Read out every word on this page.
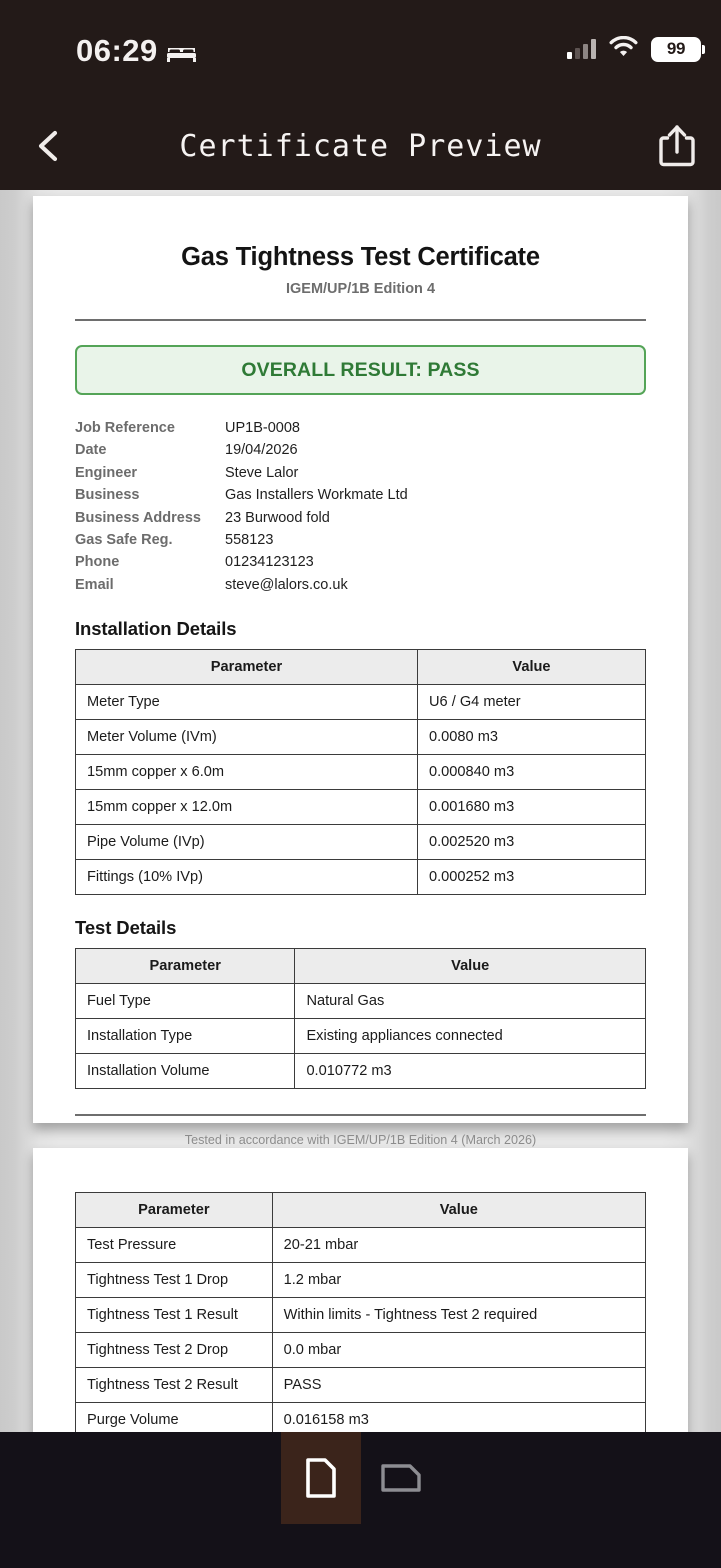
Gas Tightness Test Certificate
IGEM/UP/1B Edition 4
OVERALL RESULT: PASS
Job Reference	UP1B-0008
Date	19/04/2026
Engineer	Steve Lalor
Business	Gas Installers Workmate Ltd
Business Address	23 Burwood fold
Gas Safe Reg.	558123
Phone	01234123123
Email	steve@lalors.co.uk
Installation Details
Parameter	Value
Meter Type	U6 / G4 meter
Meter Volume (IVm)	0.0080 m3
15mm copper x 6.0m	0.000840 m3
15mm copper x 12.0m	0.001680 m3
Pipe Volume (IVp)	0.002520 m3
Fittings (10% IVp)	0.000252 m3
Test Details
Parameter	Value
Fuel Type	Natural Gas
Installation Type	Existing appliances connected
Installation Volume	0.010772 m3
Tested in accordance with IGEM/UP/1B Edition 4 (March 2026)
Parameter	Value
Test Pressure	20-21 mbar
Tightness Test 1 Drop	1.2 mbar
Tightness Test 1 Result	Within limits - Tightness Test 2 required
Tightness Test 2 Drop	0.0 mbar
Tightness Test 2 Result	PASS
Purge Volume	0.016158 m3
06:29	99
Certificate Preview
